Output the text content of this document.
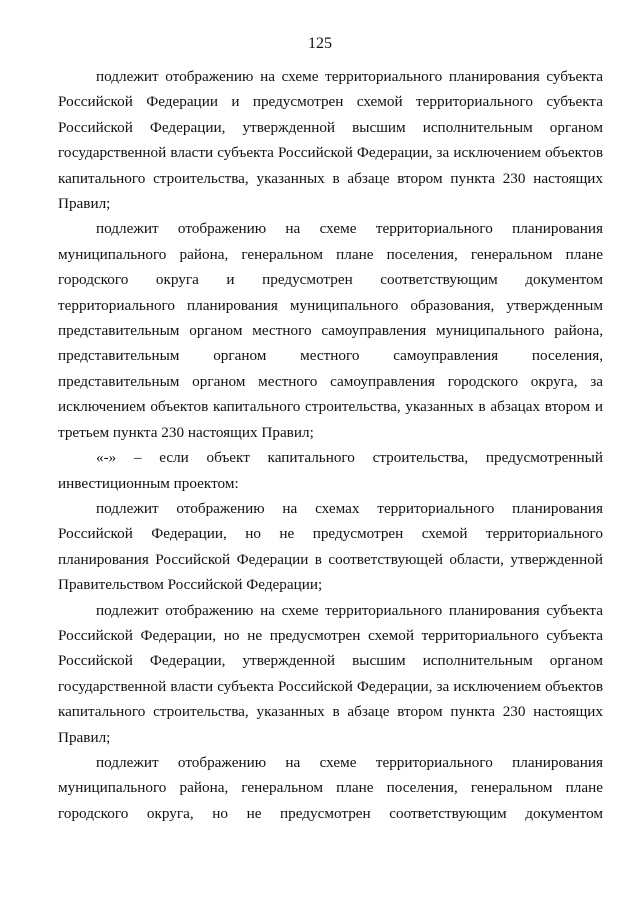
125

подлежит отображению на схеме территориального планирования субъекта Российской Федерации и предусмотрен схемой территориального субъекта Российской Федерации, утвержденной высшим исполнительным органом государственной власти субъекта Российской Федерации, за исключением объектов капитального строительства, указанных в абзаце втором пункта 230 настоящих Правил;

подлежит отображению на схеме территориального планирования муниципального района, генеральном плане поселения, генеральном плане городского округа и предусмотрен соответствующим документом территориального планирования муниципального образования, утвержденным представительным органом местного самоуправления муниципального района, представительным органом местного самоуправления поселения, представительным органом местного самоуправления городского округа, за исключением объектов капитального строительства, указанных в абзацах втором и третьем пункта 230 настоящих Правил;

«-» – если объект капитального строительства, предусмотренный инвестиционным проектом:

подлежит отображению на схемах территориального планирования Российской Федерации, но не предусмотрен схемой территориального планирования Российской Федерации в соответствующей области, утвержденной Правительством Российской Федерации;

подлежит отображению на схеме территориального планирования субъекта Российской Федерации, но не предусмотрен схемой территориального субъекта Российской Федерации, утвержденной высшим исполнительным органом государственной власти субъекта Российской Федерации, за исключением объектов капитального строительства, указанных в абзаце втором пункта 230 настоящих Правил;

подлежит отображению на схеме территориального планирования муниципального района, генеральном плане поселения, генеральном плане городского округа, но не предусмотрен соответствующим документом
